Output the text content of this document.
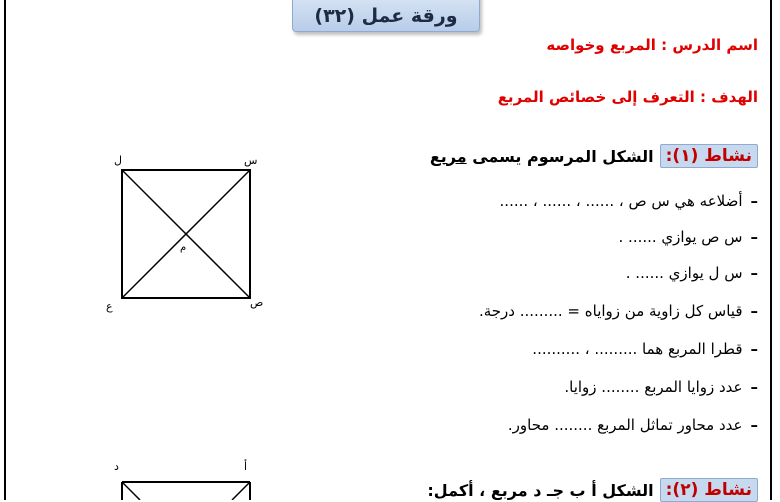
ورقة عمل (٣٢)
اسم الدرس : المربع وخواصه
الهدف : التعرف إلى خصائص المربع
نشاط (١):
الشكل المرسوم يسمى مربع
–
أضلاعه هي س ص ، ...... ، ...... ، ......
–
س ص يوازي ...... .
–
س ل يوازي ...... .
–
قياس كل زاوية من زواياه = ......... درجة.
–
قطرا المربع هما ......... ، ..........
–
عدد زوايا المربع ........ زوايا.
–
عدد محاور تماثل المربع ........ محاور.
ل	س
ع	ص
م
نشاط (٢):
الشكل أ ب جـ د مربع ، أكمل:
د	أ
